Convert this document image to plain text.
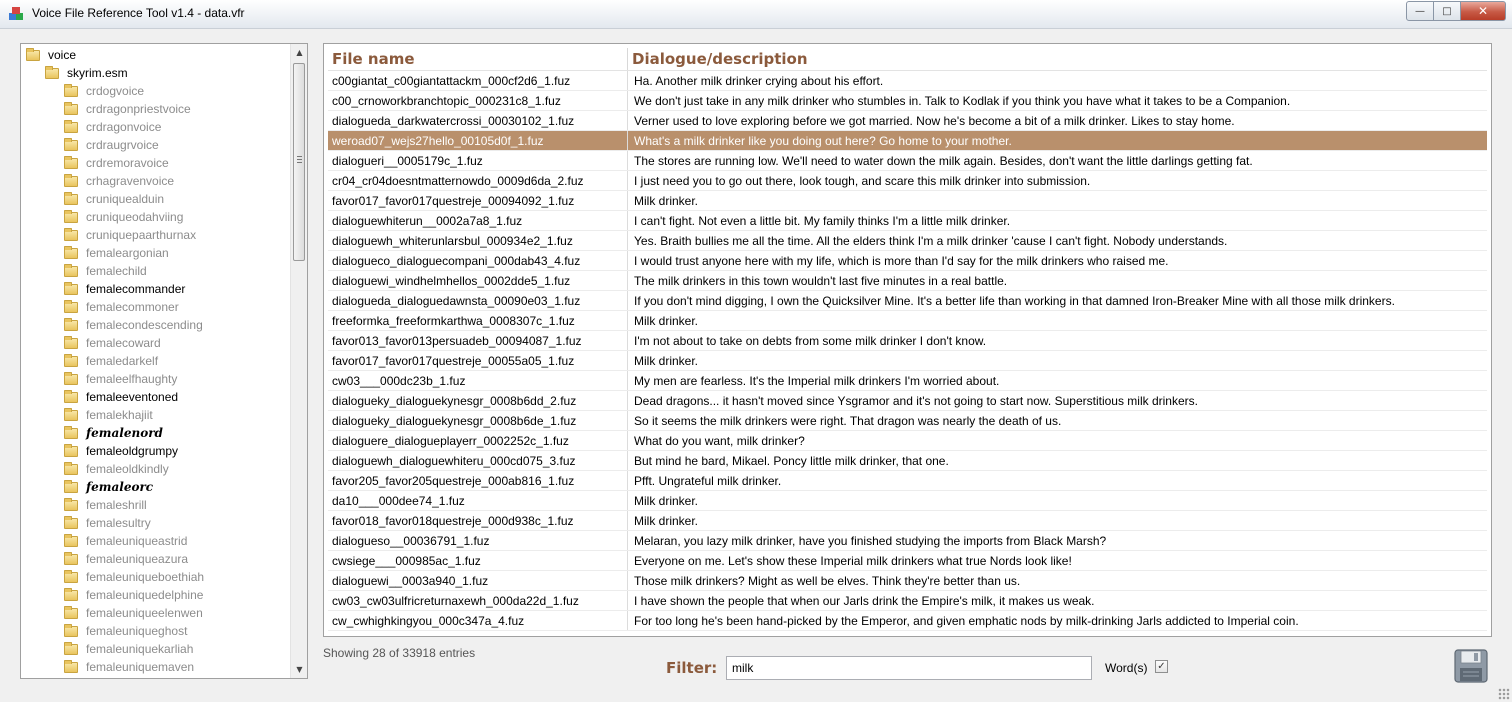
Voice File Reference Tool v1.4 - data.vfr	—	□	✕
voice
skyrim.esm
crdogvoice
crdragonpriestvoice
crdragonvoice
crdraugrvoice
crdremoravoice
crhagravenvoice
cruniquealduin
cruniqueodahviing
cruniquepaarthurnax
femaleargonian
femalechild
femalecommander
femalecommoner
femalecondescending
femalecoward
femaledarkelf
femaleelfhaughty
femaleeventoned
femalekhajiit
femalenord
femaleoldgrumpy
femaleoldkindly
femaleorc
femaleshrill
femalesultry
femaleuniqueastrid
femaleuniqueazura
femaleuniqueboethiah
femaleuniquedelphine
femaleuniqueelenwen
femaleuniqueghost
femaleuniquekarliah
femaleuniquemaven
▲
▼
File name	Dialogue/description
c00giantat_c00giantattackm_000cf2d6_1.fuz	Ha. Another milk drinker crying about his effort.
c00_crnoworkbranchtopic_000231c8_1.fuz	We don't just take in any milk drinker who stumbles in. Talk to Kodlak if you think you have what it takes to be a Companion.
dialogueda_darkwatercrossi_00030102_1.fuz	Verner used to love exploring before we got married. Now he's become a bit of a milk drinker. Likes to stay home.
weroad07_wejs27hello_00105d0f_1.fuz	What's a milk drinker like you doing out here? Go home to your mother.
dialogueri__0005179c_1.fuz	The stores are running low. We'll need to water down the milk again. Besides, don't want the little darlings getting fat.
cr04_cr04doesntmatternowdo_0009d6da_2.fuz	I just need you to go out there, look tough, and scare this milk drinker into submission.
favor017_favor017questreje_00094092_1.fuz	Milk drinker.
dialoguewhiterun__0002a7a8_1.fuz	I can't fight. Not even a little bit. My family thinks I'm a little milk drinker.
dialoguewh_whiterunlarsbul_000934e2_1.fuz	Yes. Braith bullies me all the time. All the elders think I'm a milk drinker 'cause I can't fight. Nobody understands.
dialogueco_dialoguecompani_000dab43_4.fuz	I would trust anyone here with my life, which is more than I'd say for the milk drinkers who raised me.
dialoguewi_windhelmhellos_0002dde5_1.fuz	The milk drinkers in this town wouldn't last five minutes in a real battle.
dialogueda_dialoguedawnsta_00090e03_1.fuz	If you don't mind digging, I own the Quicksilver Mine. It's a better life than working in that damned Iron-Breaker Mine with all those milk drinkers.
freeformka_freeformkarthwa_0008307c_1.fuz	Milk drinker.
favor013_favor013persuadeb_00094087_1.fuz	I'm not about to take on debts from some milk drinker I don't know.
favor017_favor017questreje_00055a05_1.fuz	Milk drinker.
cw03___000dc23b_1.fuz	My men are fearless. It's the Imperial milk drinkers I'm worried about.
dialogueky_dialoguekynesgr_0008b6dd_2.fuz	Dead dragons... it hasn't moved since Ysgramor and it's not going to start now. Superstitious milk drinkers.
dialogueky_dialoguekynesgr_0008b6de_1.fuz	So it seems the milk drinkers were right. That dragon was nearly the death of us.
dialoguere_dialogueplayerr_0002252c_1.fuz	What do you want, milk drinker?
dialoguewh_dialoguewhiteru_000cd075_3.fuz	But mind he bard, Mikael. Poncy little milk drinker, that one.
favor205_favor205questreje_000ab816_1.fuz	Pfft. Ungrateful milk drinker.
da10___000dee74_1.fuz	Milk drinker.
favor018_favor018questreje_000d938c_1.fuz	Milk drinker.
dialogueso__00036791_1.fuz	Melaran, you lazy milk drinker, have you finished studying the imports from Black Marsh?
cwsiege___000985ac_1.fuz	Everyone on me. Let's show these Imperial milk drinkers what true Nords look like!
dialoguewi__0003a940_1.fuz	Those milk drinkers? Might as well be elves. Think they're better than us.
cw03_cw03ulfricreturnaxewh_000da22d_1.fuz	I have shown the people that when our Jarls drink the Empire's milk, it makes us weak.
cw_cwhighkingyou_000c347a_4.fuz	For too long he's been hand-picked by the Emperor, and given emphatic nods by milk-drinking Jarls addicted to Imperial coin.
Showing 28 of 33918 entries
Filter:
milk	Word(s) ✓
